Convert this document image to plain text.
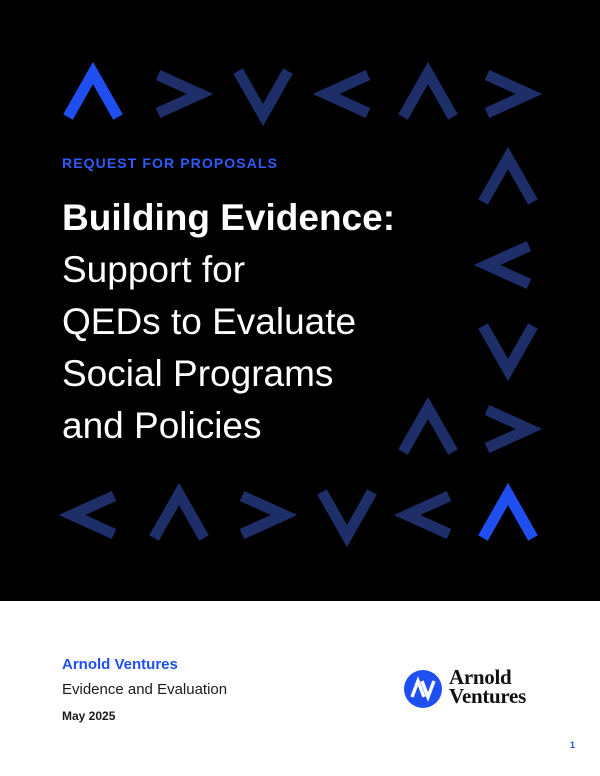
REQUEST FOR PROPOSALS
Building Evidence:
Support for
QEDs to Evaluate
Social Programs
and Policies
Arnold Ventures
Evidence and Evaluation
May 2025
Arnold
Ventures
1
